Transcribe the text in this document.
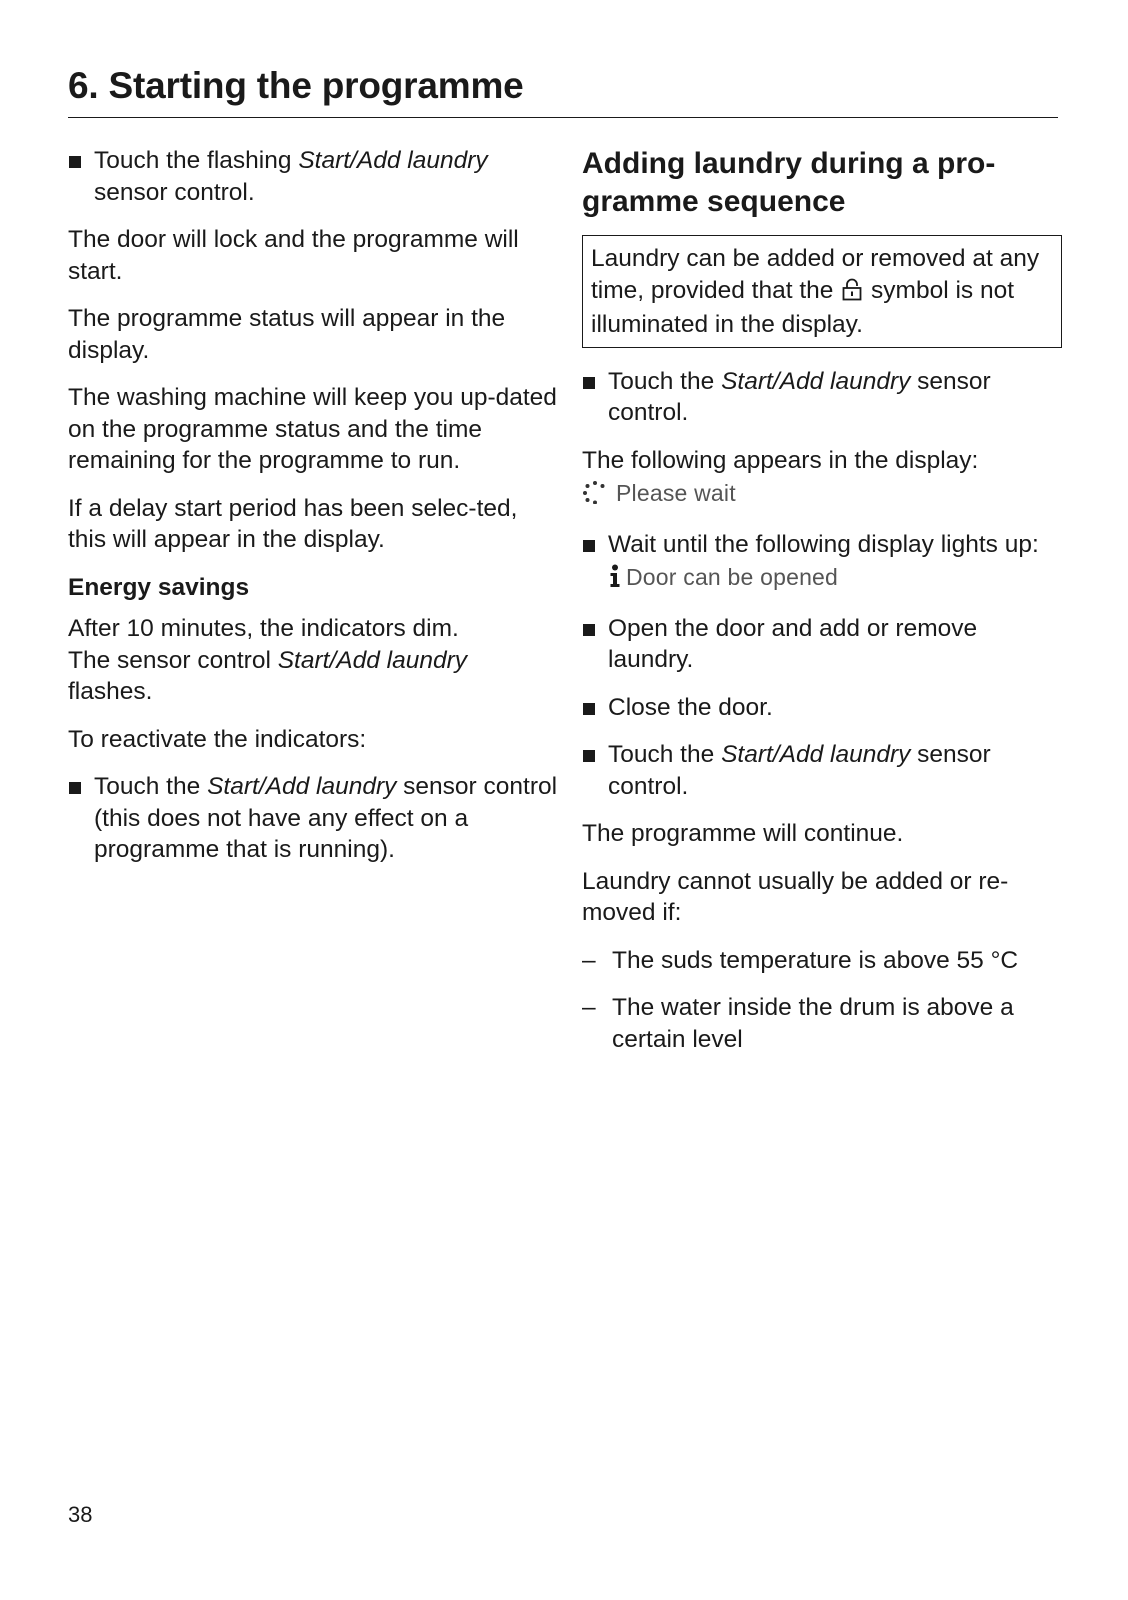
6. Starting the programme
Touch the flashing Start/Add laundry sensor control.

The door will lock and the programme will start.

The programme status will appear in the display.

The washing machine will keep you up-dated on the programme status and the time remaining for the programme to run.

If a delay start period has been selec-ted, this will appear in the display.

Energy savings

After 10 minutes, the indicators dim.
The sensor control Start/Add laundry flashes.

To reactivate the indicators:

Touch the Start/Add laundry sensor control (this does not have any effect on a programme that is running).
Adding laundry during a pro-gramme sequence
Laundry can be added or removed at any time, provided that the  symbol is not illuminated in the display.
Touch the Start/Add laundry sensor control.

The following appears in the display:
Please wait

Wait until the following display lights up:
Door can be opened
Open the door and add or remove laundry.
Close the door.
Touch the Start/Add laundry sensor control.

The programme will continue.

Laundry cannot usually be added or re-moved if:

– The suds temperature is above 55 °C
– The water inside the drum is above a certain level
38
